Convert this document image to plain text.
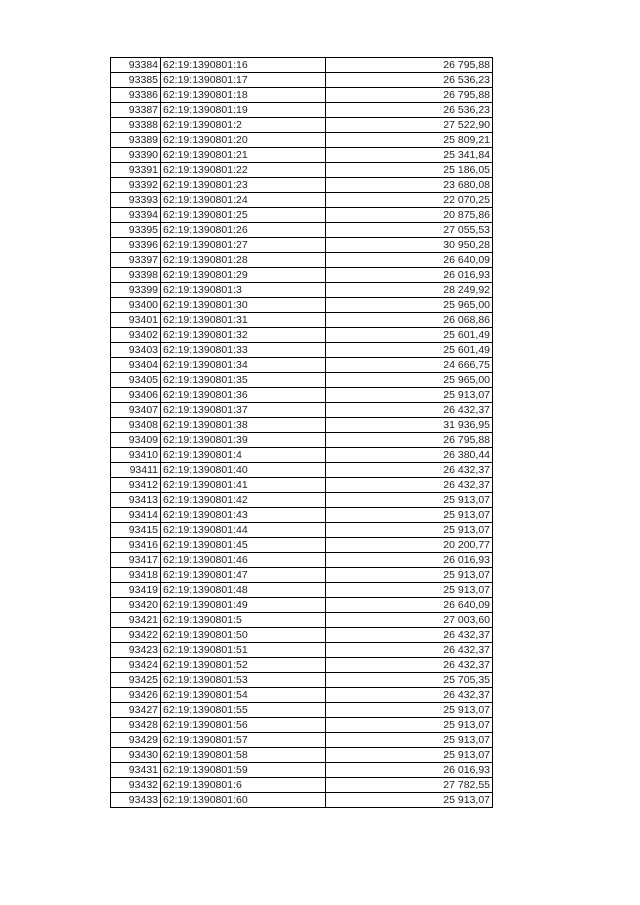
93384	62:19:1390801:16	26 795,88
93385	62:19:1390801:17	26 536,23
93386	62:19:1390801:18	26 795,88
93387	62:19:1390801:19	26 536,23
93388	62:19:1390801:2	27 522,90
93389	62:19:1390801:20	25 809,21
93390	62:19:1390801:21	25 341,84
93391	62:19:1390801:22	25 186,05
93392	62:19:1390801:23	23 680,08
93393	62:19:1390801:24	22 070,25
93394	62:19:1390801:25	20 875,86
93395	62:19:1390801:26	27 055,53
93396	62:19:1390801:27	30 950,28
93397	62:19:1390801:28	26 640,09
93398	62:19:1390801:29	26 016,93
93399	62:19:1390801:3	28 249,92
93400	62:19:1390801:30	25 965,00
93401	62:19:1390801:31	26 068,86
93402	62:19:1390801:32	25 601,49
93403	62:19:1390801:33	25 601,49
93404	62:19:1390801:34	24 666,75
93405	62:19:1390801:35	25 965,00
93406	62:19:1390801:36	25 913,07
93407	62:19:1390801:37	26 432,37
93408	62:19:1390801:38	31 936,95
93409	62:19:1390801:39	26 795,88
93410	62:19:1390801:4	26 380,44
93411	62:19:1390801:40	26 432,37
93412	62:19:1390801:41	26 432,37
93413	62:19:1390801:42	25 913,07
93414	62:19:1390801:43	25 913,07
93415	62:19:1390801:44	25 913,07
93416	62:19:1390801:45	20 200,77
93417	62:19:1390801:46	26 016,93
93418	62:19:1390801:47	25 913,07
93419	62:19:1390801:48	25 913,07
93420	62:19:1390801:49	26 640,09
93421	62:19:1390801:5	27 003,60
93422	62:19:1390801:50	26 432,37
93423	62:19:1390801:51	26 432,37
93424	62:19:1390801:52	26 432,37
93425	62:19:1390801:53	25 705,35
93426	62:19:1390801:54	26 432,37
93427	62:19:1390801:55	25 913,07
93428	62:19:1390801:56	25 913,07
93429	62:19:1390801:57	25 913,07
93430	62:19:1390801:58	25 913,07
93431	62:19:1390801:59	26 016,93
93432	62:19:1390801:6	27 782,55
93433	62:19:1390801:60	25 913,07
